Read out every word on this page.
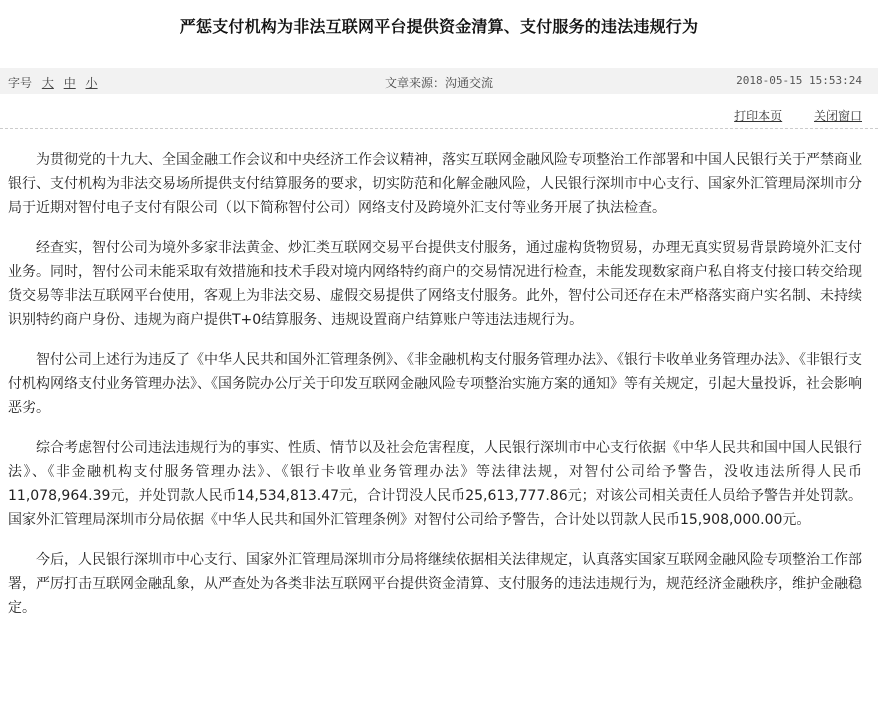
严惩支付机构为非法互联网平台提供资金清算、支付服务的违法违规行为
字号 大 中 小	文章来源：沟通交流	2018-05-15 15:53:24
打印本页	关闭窗口

为贯彻党的十九大、全国金融工作会议和中央经济工作会议精神，落实互联网金融风险专项整治工作部署和中国人民银行关于严禁商业银行、支付机构为非法交易场所提供支付结算服务的要求，切实防范和化解金融风险，人民银行深圳市中心支行、国家外汇管理局深圳市分局于近期对智付电子支付有限公司（以下简称智付公司）网络支付及跨境外汇支付等业务开展了执法检查。

经查实，智付公司为境外多家非法黄金、炒汇类互联网交易平台提供支付服务，通过虚构货物贸易，办理无真实贸易背景跨境外汇支付业务。同时，智付公司未能采取有效措施和技术手段对境内网络特约商户的交易情况进行检查，未能发现数家商户私自将支付接口转交给现货交易等非法互联网平台使用，客观上为非法交易、虚假交易提供了网络支付服务。此外，智付公司还存在未严格落实商户实名制、未持续识别特约商户身份、违规为商户提供T+0结算服务、违规设置商户结算账户等违法违规行为。

智付公司上述行为违反了《中华人民共和国外汇管理条例》、《非金融机构支付服务管理办法》、《银行卡收单业务管理办法》、《非银行支付机构网络支付业务管理办法》、《国务院办公厅关于印发互联网金融风险专项整治实施方案的通知》等有关规定，引起大量投诉，社会影响恶劣。

综合考虑智付公司违法违规行为的事实、性质、情节以及社会危害程度，人民银行深圳市中心支行依据《中华人民共和国中国人民银行法》、《非金融机构支付服务管理办法》、《银行卡收单业务管理办法》等法律法规，对智付公司给予警告，没收违法所得人民币11,078,964.39元，并处罚款人民币14,534,813.47元，合计罚没人民币25,613,777.86元；对该公司相关责任人员给予警告并处罚款。国家外汇管理局深圳市分局依据《中华人民共和国外汇管理条例》对智付公司给予警告，合计处以罚款人民币15,908,000.00元。

今后，人民银行深圳市中心支行、国家外汇管理局深圳市分局将继续依据相关法律规定，认真落实国家互联网金融风险专项整治工作部署，严厉打击互联网金融乱象，从严查处为各类非法互联网平台提供资金清算、支付服务的违法违规行为，规范经济金融秩序，维护金融稳定。
